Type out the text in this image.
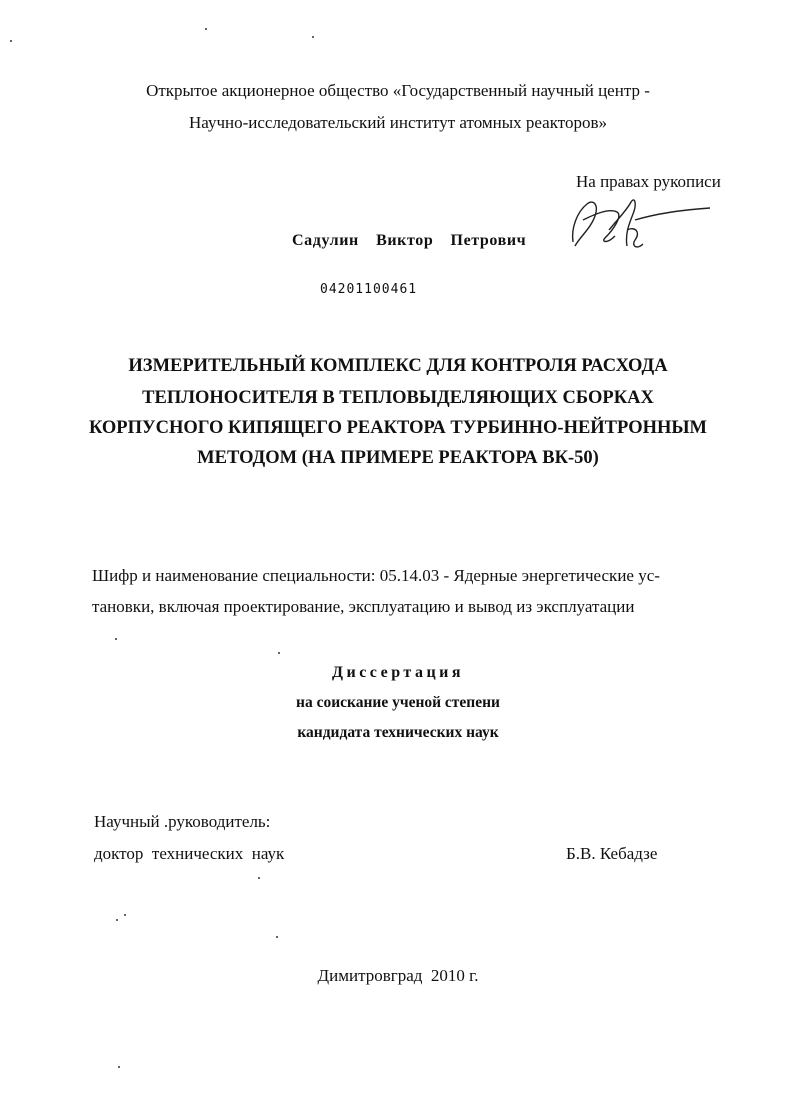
Открытое акционерное общество «Государственный научный центр -
Научно-исследовательский институт атомных реакторов»
На правах рукописи
Садулин  Виктор  Петрович
04201100461
ИЗМЕРИТЕЛЬНЫЙ КОМПЛЕКС ДЛЯ КОНТРОЛЯ РАСХОДА
ТЕПЛОНОСИТЕЛЯ В ТЕПЛОВЫДЕЛЯЮЩИХ СБОРКАХ
КОРПУСНОГО КИПЯЩЕГО РЕАКТОРА ТУРБИННО-НЕЙТРОННЫМ
МЕТОДОМ (НА ПРИМЕРЕ РЕАКТОРА ВК-50)
Шифр и наименование специальности: 05.14.03 - Ядерные энергетические ус-
тановки, включая проектирование, эксплуатацию и вывод из эксплуатации
Диссертация
на соискание ученой степени
кандидата технических наук
Научный .руководитель:
доктор  технических  наук	Б.В. Кебадзе
Димитровград  2010 г.
